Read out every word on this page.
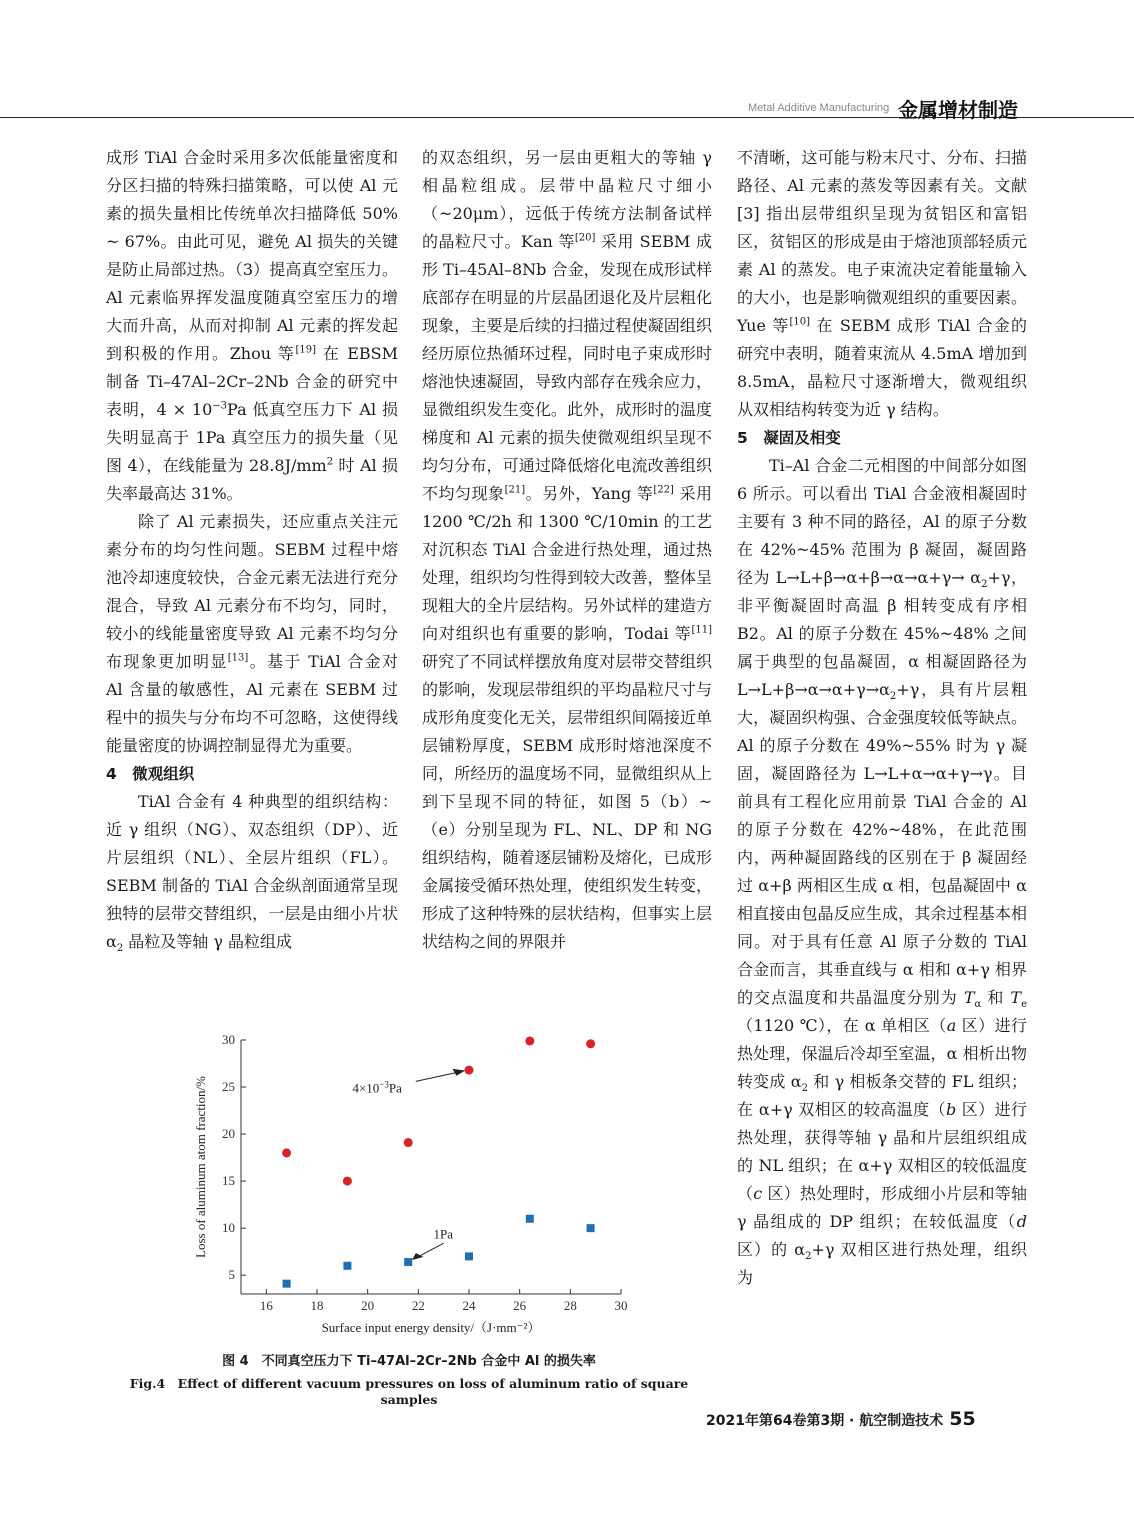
Metal Additive Manufacturing 金属增材制造

成形 TiAl 合金时采用多次低能量密度和分区扫描的特殊扫描策略，可以使 Al 元素的损失量相比传统单次扫描降低 50% ~ 67%。由此可见，避免 Al 损失的关键是防止局部过热。（3）提高真空室压力。Al 元素临界挥发温度随真空室压力的增大而升高，从而对抑制 Al 元素的挥发起到积极的作用。Zhou 等[19] 在 EBSM 制备 Ti–47Al–2Cr–2Nb 合金的研究中表明，$4 \times 10^{-3}Pa$ 低真空压力下 Al 损失明显高于 1Pa 真空压力的损失量（见图 4），在线能量为 $28.8J/mm^2$ 时 Al 损失率最高达 31%。

除了 Al 元素损失，还应重点关注元素分布的均匀性问题。SEBM 过程中熔池冷却速度较快，合金元素无法进行充分混合，导致 Al 元素分布不均匀，同时，较小的线能量密度导致 Al 元素不均匀分布现象更加明显[13]。基于 TiAl 合金对 Al 含量的敏感性，Al 元素在 SEBM 过程中的损失与分布均不可忽略，这使得线能量密度的协调控制显得尤为重要。

4　微观组织

TiAl 合金有 4 种典型的组织结构：近 γ 组织（NG）、双态组织（DP）、近片层组织（NL）、全层片组织（FL）。SEBM 制备的 TiAl 合金纵剖面通常呈现独特的层带交替组织，一层是由细小片状 $\alpha_2$ 晶粒及等轴 γ 晶粒组成

的双态组织，另一层由更粗大的等轴 γ 相晶粒组成。层带中晶粒尺寸细小（~20μm），远低于传统方法制备试样的晶粒尺寸。Kan 等[20] 采用 SEBM 成形 Ti–45Al–8Nb 合金，发现在成形试样底部存在明显的片层晶团退化及片层粗化现象，主要是后续的扫描过程使凝固组织经历原位热循环过程，同时电子束成形时熔池快速凝固，导致内部存在残余应力，显微组织发生变化。此外，成形时的温度梯度和 Al 元素的损失使微观组织呈现不均匀分布，可通过降低熔化电流改善组织不均匀现象[21]。另外，Yang 等[22] 采用 1200 ℃/2h 和 1300 ℃/10min 的工艺对沉积态 TiAl 合金进行热处理，通过热处理，组织均匀性得到较大改善，整体呈现粗大的全片层结构。另外试样的建造方向对组织也有重要的影响，Todai 等[11] 研究了不同试样摆放角度对层带交替组织的影响，发现层带组织的平均晶粒尺寸与成形角度变化无关，层带组织间隔接近单层铺粉厚度，SEBM 成形时熔池深度不同，所经历的温度场不同，显微组织从上到下呈现不同的特征，如图 5（b）~（e）分别呈现为 FL、NL、DP 和 NG 组织结构，随着逐层铺粉及熔化，已成形金属接受循环热处理，使组织发生转变，形成了这种特殊的层状结构，但事实上层状结构之间的界限并

不清晰，这可能与粉末尺寸、分布、扫描路径、Al 元素的蒸发等因素有关。文献 [3] 指出层带组织呈现为贫铝区和富铝区，贫铝区的形成是由于熔池顶部轻质元素 Al 的蒸发。电子束流决定着能量输入的大小，也是影响微观组织的重要因素。Yue 等[10] 在 SEBM 成形 TiAl 合金的研究中表明，随着束流从 4.5mA 增加到 8.5mA，晶粒尺寸逐渐增大，微观组织从双相结构转变为近 γ 结构。

5　凝固及相变

Ti–Al 合金二元相图的中间部分如图 6 所示。可以看出 TiAl 合金液相凝固时主要有 3 种不同的路径，Al 的原子分数在 42%~45% 范围为 β 凝固，凝固路径为 $L\to L+\beta\to\alpha+\beta\to\alpha\to\alpha+\gamma\to \alpha_2+\gamma$，非平衡凝固时高温 β 相转变成有序相 B2。Al 的原子分数在 45%~48% 之间属于典型的包晶凝固，α 相凝固路径为 $L\to L+\beta\to\alpha\to\alpha+\gamma\to\alpha_2+\gamma$，具有片层粗大，凝固织构强、合金强度较低等缺点。Al 的原子分数在 49%~55% 时为 γ 凝固，凝固路径为 L→L+α→α+γ→γ。目前具有工程化应用前景 TiAl 合金的 Al 的原子分数在 42%~48%，在此范围内，两种凝固路线的区别在于 β 凝固经过 α+β 两相区生成 α 相，包晶凝固中 α 相直接由包晶反应生成，其余过程基本相同。对于具有任意 Al 原子分数的 TiAl 合金而言，其垂直线与 α 相和 α+γ 相界的交点温度和共晶温度分别为 $T_\alpha$ 和 $T_e(1120$ ℃），在 α 单相区（a 区）进行热处理，保温后冷却至室温，α 相析出物转变成 $\alpha_2$ 和 γ 相板条交替的 FL 组织；在 α+γ 双相区的较高温度（b 区）进行热处理，获得等轴 γ 晶和片层组织组成的 NL 组织；在 α+γ 双相区的较低温度（c 区）热处理时，形成细小片层和等轴 γ 晶组成的 DP 组织；在较低温度（d 区）的 $\alpha_2+\gamma$ 双相区进行热处理，组织为

16	18	20	22	24	26	28	30
5
10
15
20
25
30
Surface input energy density/（J·mm⁻²）
Loss of aluminum atom fraction/%	$4\times 10^{-3}Pa$
1Pa
图 4　不同真空压力下 Ti–47Al–2Cr–2Nb 合金中 Al 的损失率
Fig.4　Effect of different vacuum pressures on loss of aluminum ratio of square samples
2021年第64卷第3期 · 航空制造技术 55
